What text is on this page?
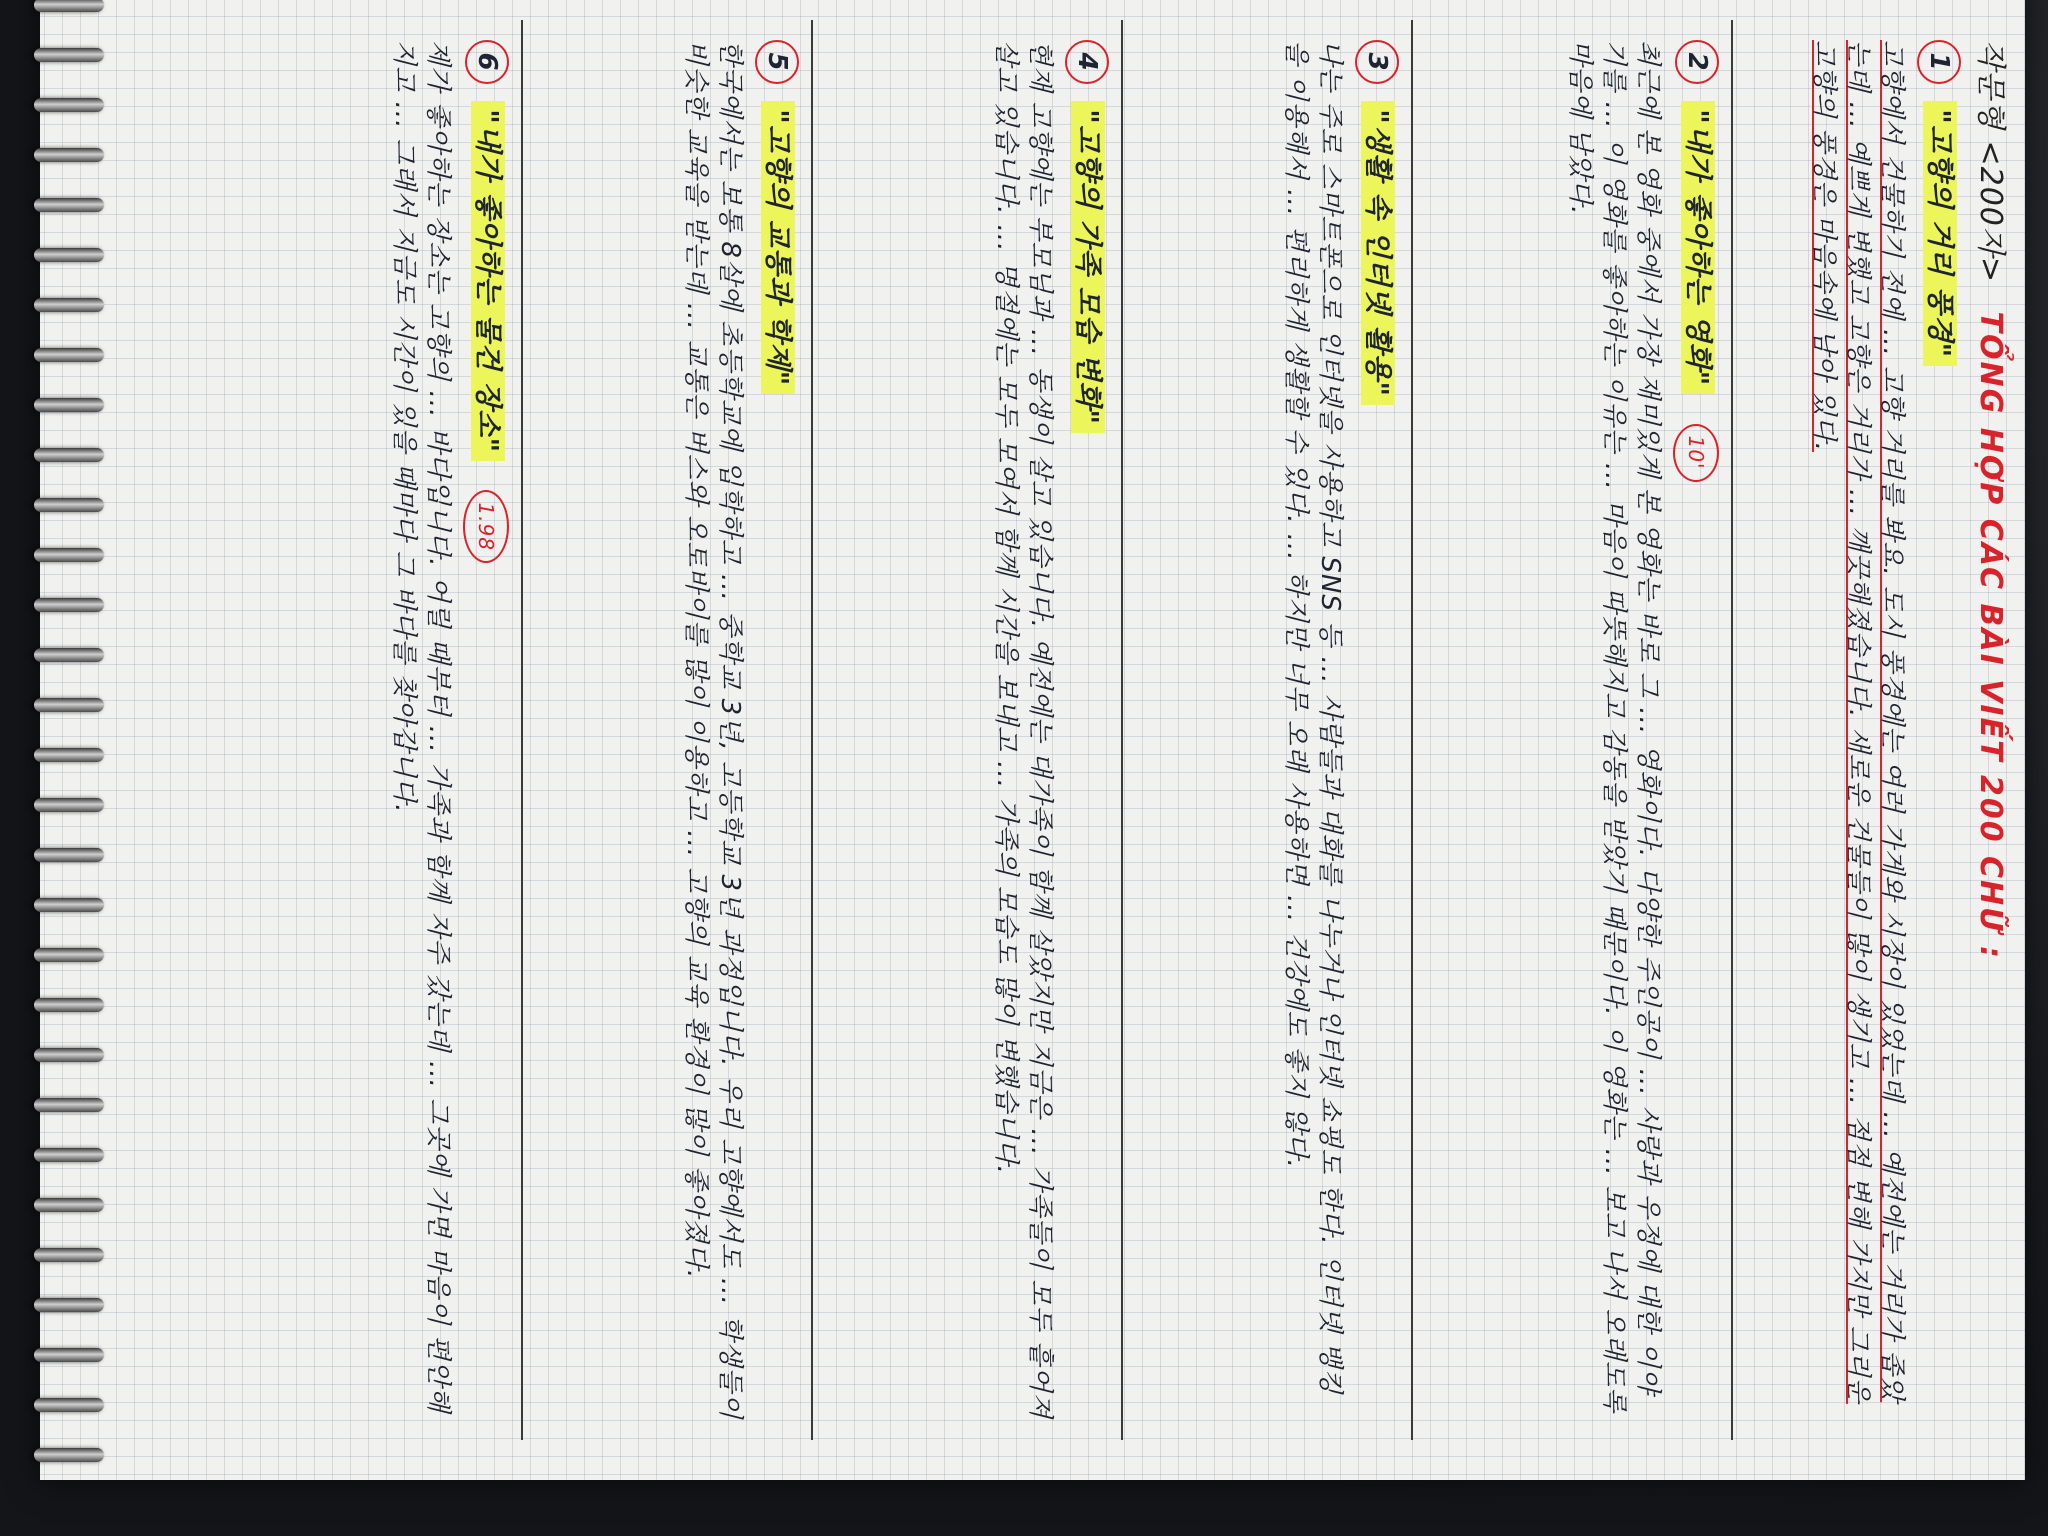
작문형 <200자> TỔNG HỢP CÁC BÀI VIẾT 200 CHỮ :
1 "고향의 거리 풍경"
고향에서 건물하기 전에 ... 고향 거리를 봐요. 도시 풍경에는 여러 가게와 시장이 있었는데 ... 예전에는 거리가 좁았는데 ... 예쁘게 변했고 고향은 거리가 ... 깨끗해졌습니다. 새로운 건물들이 많이 생기고 ... 점점 변해 가지만 그리운 고향의 풍경은 마음속에 남아 있다.
2 "내가 좋아하는 영화" 10'
최근에 본 영화 중에서 가장 재미있게 본 영화는 바로 그 ... 영화이다. 다양한 주인공이 ... 사랑과 우정에 대한 이야기를 ... 이 영화를 좋아하는 이유는 ... 마음이 따뜻해지고 감동을 받았기 때문이다. 이 영화는 ... 보고 나서 오래도록 마음에 남았다.
3 "생활 속 인터넷 활용"
나는 주로 스마트폰으로 인터넷을 사용하고 SNS 등 ... 사람들과 대화를 나누거나 인터넷 쇼핑도 한다. 인터넷 뱅킹을 이용해서 ... 편리하게 생활할 수 있다. ... 하지만 너무 오래 사용하면 ... 건강에도 좋지 않다.
4 "고향의 가족 모습 변화"
현재 고향에는 부모님과 ... 동생이 살고 있습니다. 예전에는 대가족이 함께 살았지만 지금은 ... 가족들이 모두 흩어져 살고 있습니다. ... 명절에는 모두 모여서 함께 시간을 보내고 ... 가족의 모습도 많이 변했습니다.
5 "고향의 교통과 학제"
한국에서는 보통 8살에 초등학교에 입학하고 ... 중학교 3년, 고등학교 3년 과정입니다. 우리 고향에서도 ... 학생들이 비슷한 교육을 받는데 ... 교통은 버스와 오토바이를 많이 이용하고 ... 고향의 교육 환경이 많이 좋아졌다.
6 "내가 좋아하는 물건 장소" 1.98
제가 좋아하는 장소는 고향의 ... 바다입니다. 어릴 때부터 ... 가족과 함께 자주 갔는데 ... 그곳에 가면 마음이 편안해지고 ... 그래서 지금도 시간이 있을 때마다 그 바다를 찾아갑니다.
